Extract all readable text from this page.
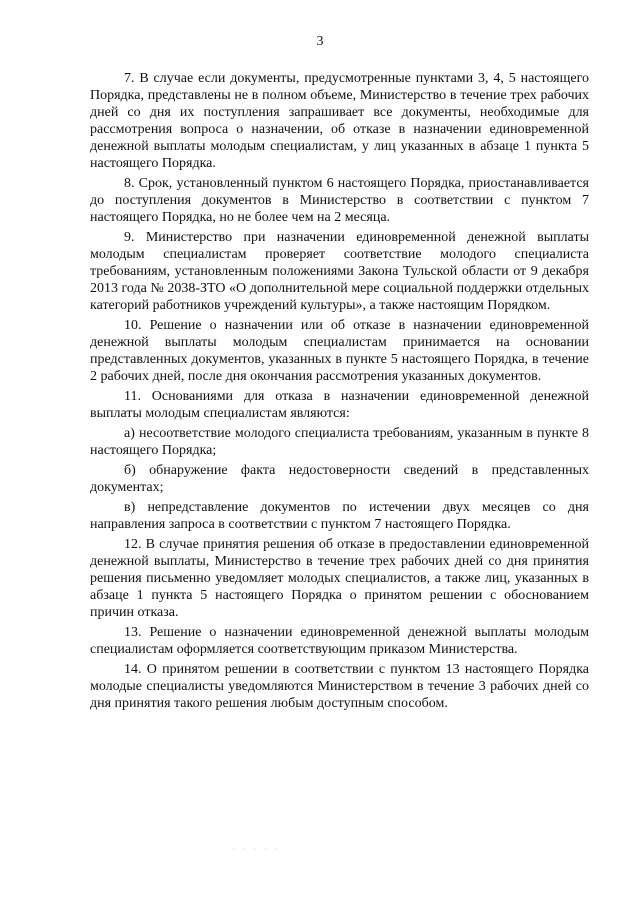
3

7. В случае если документы, предусмотренные пунктами 3, 4, 5 настоящего Порядка, представлены не в полном объеме, Министерство в течение трех рабочих дней со дня их поступления запрашивает все документы, необходимые для рассмотрения вопроса о назначении, об отказе в назначении единовременной денежной выплаты молодым специалистам, у лиц указанных в абзаце 1 пункта 5 настоящего Порядка.

8. Срок, установленный пунктом 6 настоящего Порядка, приостанавливается до поступления документов в Министерство в соответствии с пунктом 7 настоящего Порядка, но не более чем на 2 месяца.

9. Министерство при назначении единовременной денежной выплаты молодым специалистам проверяет соответствие молодого специалиста требованиям, установленным положениями Закона Тульской области от 9 декабря 2013 года № 2038-ЗТО «О дополнительной мере социальной поддержки отдельных категорий работников учреждений культуры», а также настоящим Порядком.

10. Решение о назначении или об отказе в назначении единовременной денежной выплаты молодым специалистам принимается на основании представленных документов, указанных в пункте 5 настоящего Порядка, в течение 2 рабочих дней, после дня окончания рассмотрения указанных документов.

11. Основаниями для отказа в назначении единовременной денежной выплаты молодым специалистам являются:

а) несоответствие молодого специалиста требованиям, указанным в пункте 8 настоящего Порядка;

б) обнаружение факта недостоверности сведений в представленных документах;

в) непредставление документов по истечении двух месяцев со дня направления запроса в соответствии с пунктом 7 настоящего Порядка.

12. В случае принятия решения об отказе в предоставлении единовременной денежной выплаты, Министерство в течение трех рабочих дней со дня принятия решения письменно уведомляет молодых специалистов, а также лиц, указанных в абзаце 1 пункта 5 настоящего Порядка о принятом решении с обоснованием причин отказа.

13. Решение о назначении единовременной денежной выплаты молодым специалистам оформляется соответствующим приказом Министерства.

14. О принятом решении в соответствии с пунктом 13 настоящего Порядка молодые специалисты уведомляются Министерством в течение 3 рабочих дней со дня принятия такого решения любым доступным способом.

· · · · ·
